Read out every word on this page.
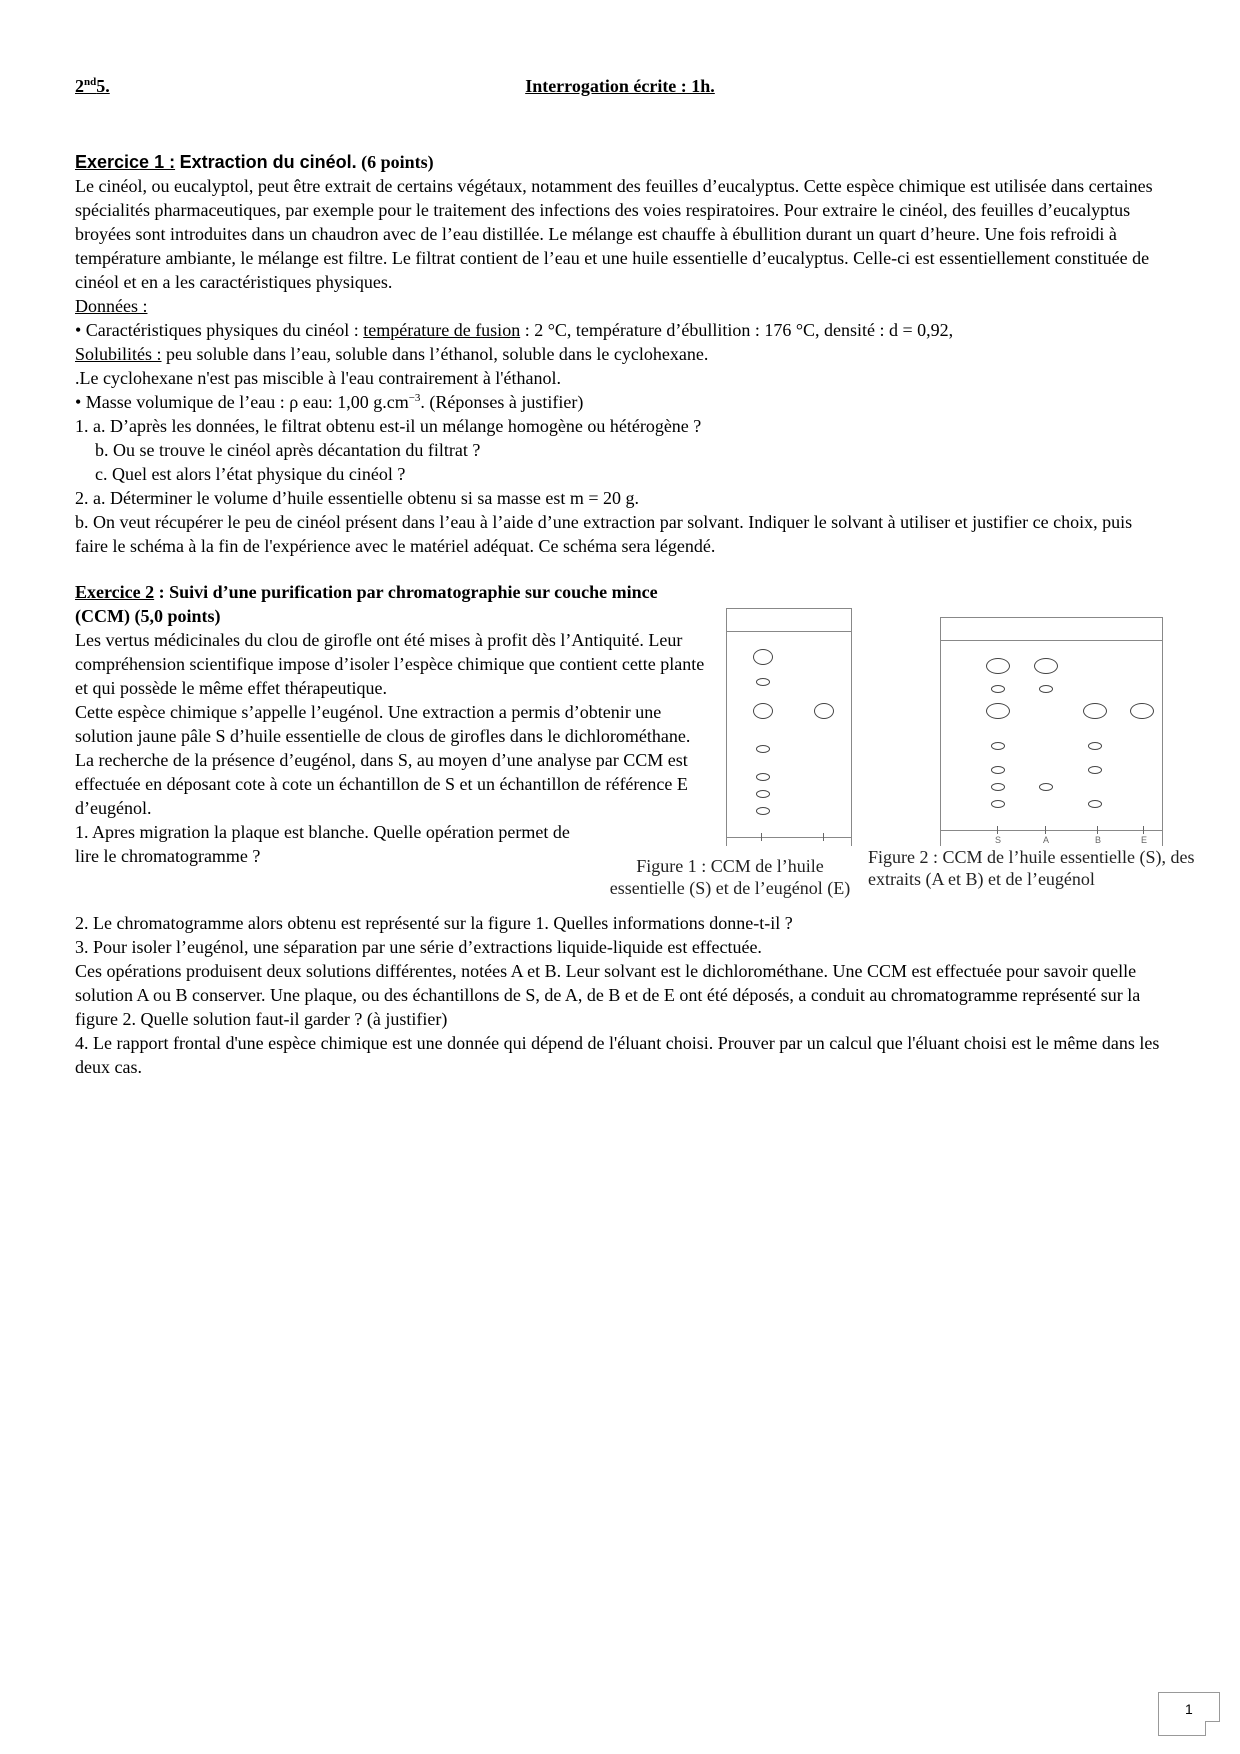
2nd5.	Interrogation écrite : 1h.

Exercice 1 : Extraction du cinéol. (6 points)

Le cinéol, ou eucalyptol, peut être extrait de certains végétaux, notamment des feuilles d’eucalyptus. Cette espèce chimique est utilisée dans certaines spécialités pharmaceutiques, par exemple pour le traitement des infections des voies respiratoires. Pour extraire le cinéol, des feuilles d’eucalyptus broyées sont introduites dans un chaudron avec de l’eau distillée. Le mélange est chauffe à ébullition durant un quart d’heure. Une fois refroidi à température ambiante, le mélange est filtre. Le filtrat contient de l’eau et une huile essentielle d’eucalyptus. Celle-ci est essentiellement constituée de cinéol et en a les caractéristiques physiques.

Données :

• Caractéristiques physiques du cinéol : température de fusion : 2 °C, température d’ébullition : 176 °C, densité : d = 0,92,

Solubilités : peu soluble dans l’eau, soluble dans l’éthanol, soluble dans le cyclohexane.

.Le cyclohexane n'est pas miscible à l'eau contrairement à l'éthanol.

• Masse volumique de l’eau : ρ eau: 1,00 $g.cm^{-3}$. (Réponses à justifier)

1. a. D’après les données, le filtrat obtenu est-il un mélange homogène ou hétérogène ?

b. Ou se trouve le cinéol après décantation du filtrat ?

c. Quel est alors l’état physique du cinéol ?

2. a. Déterminer le volume d’huile essentielle obtenu si sa masse est m = 20 g.

b. On veut récupérer le peu de cinéol présent dans l’eau à l’aide d’une extraction par solvant. Indiquer le solvant à utiliser et justifier ce choix, puis faire le schéma à la fin de l'expérience avec le matériel adéquat. Ce schéma sera légendé.

Exercice 2 : Suivi d’une purification par chromatographie sur couche mince (CCM) (5,0 points)

Les vertus médicinales du clou de girofle ont été mises à profit dès l’Antiquité. Leur compréhension scientifique impose d’isoler l’espèce chimique que contient cette plante et qui possède le même effet thérapeutique.

Cette espèce chimique s’appelle l’eugénol. Une extraction a permis d’obtenir une solution jaune pâle S d’huile essentielle de clous de girofles dans le dichlorométhane. La recherche de la présence d’eugénol, dans S, au moyen d’une analyse par CCM est effectuée en déposant cote à cote un échantillon de S et un échantillon de référence E d’eugénol.

1. Apres migration la plaque est blanche. Quelle opération permet de lire le chromatogramme ?	Figure 1 : CCM de l’huile essentielle (S) et de l’eugénol (E)
S	A	B	E
Figure 2 : CCM de l’huile essentielle (S), des extraits (A et B) et de l’eugénol

2. Le chromatogramme alors obtenu est représenté sur la figure 1. Quelles informations donne-t-il ?

3. Pour isoler l’eugénol, une séparation par une série d’extractions liquide-liquide est effectuée.

Ces opérations produisent deux solutions différentes, notées A et B. Leur solvant est le dichlorométhane. Une CCM est effectuée pour savoir quelle solution A ou B conserver. Une plaque, ou des échantillons de S, de A, de B et de E ont été déposés, a conduit au chromatogramme représenté sur la figure 2. Quelle solution faut-il garder ? (à justifier)

4. Le rapport frontal d'une espèce chimique est une donnée qui dépend de l'éluant choisi. Prouver par un calcul que l'éluant choisi est le même dans les deux cas.

1
